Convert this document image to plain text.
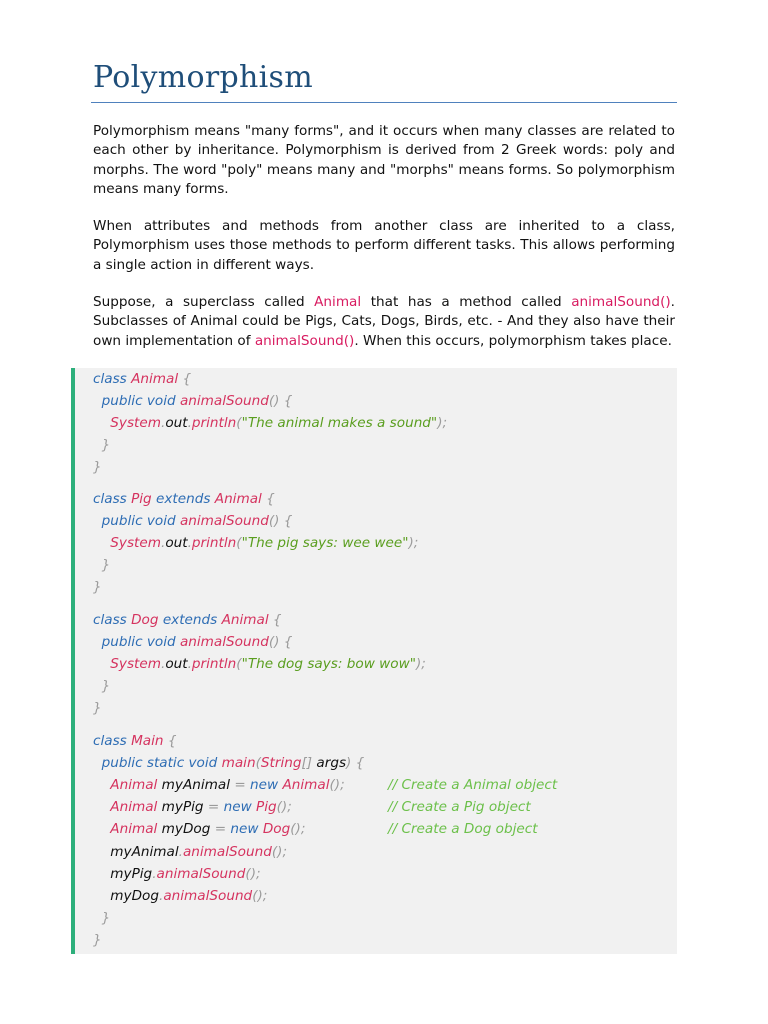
Polymorphism

Polymorphism means "many forms", and it occurs when many classes are related to each other by inheritance. Polymorphism is derived from 2 Greek words: poly and morphs. The word "poly" means many and "morphs" means forms. So polymorphism means many forms.

When attributes and methods from another class are inherited to a class, Polymorphism uses those methods to perform different tasks. This allows performing a single action in different ways.

Suppose, a superclass called Animal that has a method called animalSound(). Subclasses of Animal could be Pigs, Cats, Dogs, Birds, etc. - And they also have their own implementation of animalSound(). When this occurs, polymorphism takes place.

class Animal {
public void animalSound() {
System.out.println("The animal makes a sound");
}
}
class Pig extends Animal {
public void animalSound() {
System.out.println("The pig says: wee wee");
}
}
class Dog extends Animal {
public void animalSound() {
System.out.println("The dog says: bow wow");
}
}
class Main {
public static void main(String[] args) {
Animal myAnimal = new Animal();	// Create a Animal object
Animal myPig = new Pig();	// Create a Pig object
Animal myDog = new Dog();	// Create a Dog object
myAnimal.animalSound();
myPig.animalSound();
myDog.animalSound();
}
}
